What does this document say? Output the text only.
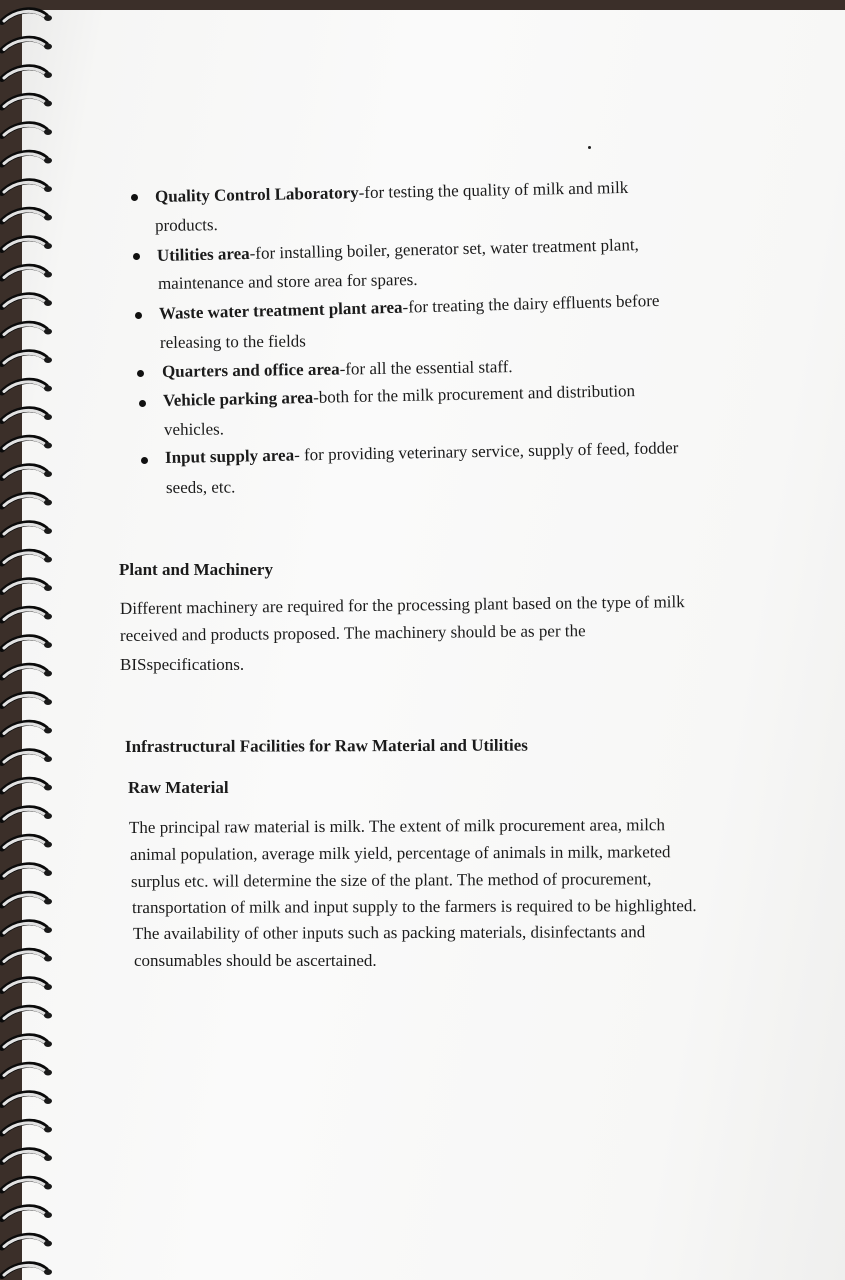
Quality Control Laboratory-for testing the quality of milk and milk
products.
Utilities area-for installing boiler, generator set, water treatment plant,
maintenance and store area for spares.
Waste water treatment plant area-for treating the dairy effluents before
releasing to the fields
Quarters and office area-for all the essential staff.
Vehicle parking area-both for the milk procurement and distribution
vehicles.
Input supply area- for providing veterinary service, supply of feed, fodder
seeds, etc.
Plant and Machinery
Different machinery are required for the processing plant based on the type of milk
received and products proposed. The machinery should be as per the
BISspecifications.
Infrastructural Facilities for Raw Material and Utilities
Raw Material
The principal raw material is milk. The extent of milk procurement area, milch
animal population, average milk yield, percentage of animals in milk, marketed
surplus etc. will determine the size of the plant. The method of procurement,
transportation of milk and input supply to the farmers is required to be highlighted.
The availability of other inputs such as packing materials, disinfectants and
consumables should be ascertained.
